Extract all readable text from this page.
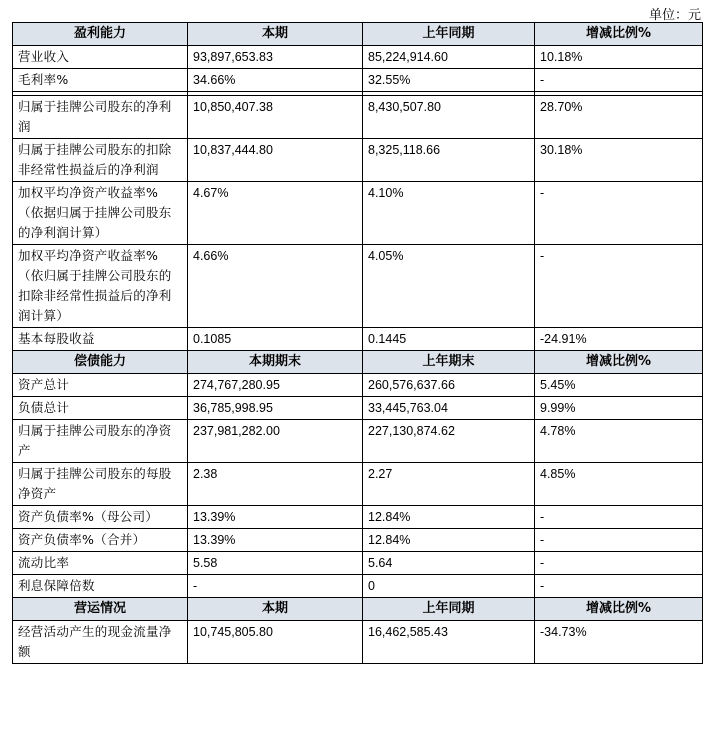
单位：元
盈利能力	本期	上年同期	增减比例%
营业收入	93,897,653.83	85,224,914.60	10.18%
毛利率%	34.66%	32.55%	-

归属于挂牌公司股东的净利润	10,850,407.38	8,430,507.80	28.70%
归属于挂牌公司股东的扣除非经常性损益后的净利润	10,837,444.80	8,325,118.66	30.18%
加权平均净资产收益率%（依据归属于挂牌公司股东的净利润计算）	4.67%	4.10%	-
加权平均净资产收益率%（依归属于挂牌公司股东的扣除非经常性损益后的净利润计算）	4.66%	4.05%	-
基本每股收益	0.1085	0.1445	-24.91%
偿债能力	本期期末	上年期末	增减比例%
资产总计	274,767,280.95	260,576,637.66	5.45%
负债总计	36,785,998.95	33,445,763.04	9.99%
归属于挂牌公司股东的净资产	237,981,282.00	227,130,874.62	4.78%
归属于挂牌公司股东的每股净资产	2.38	2.27	4.85%
资产负债率%（母公司）	13.39%	12.84%	-
资产负债率%（合并）	13.39%	12.84%	-
流动比率	5.58	5.64	-
利息保障倍数	-	0	-
营运情况	本期	上年同期	增减比例%
经营活动产生的现金流量净额	10,745,805.80	16,462,585.43	-34.73%
